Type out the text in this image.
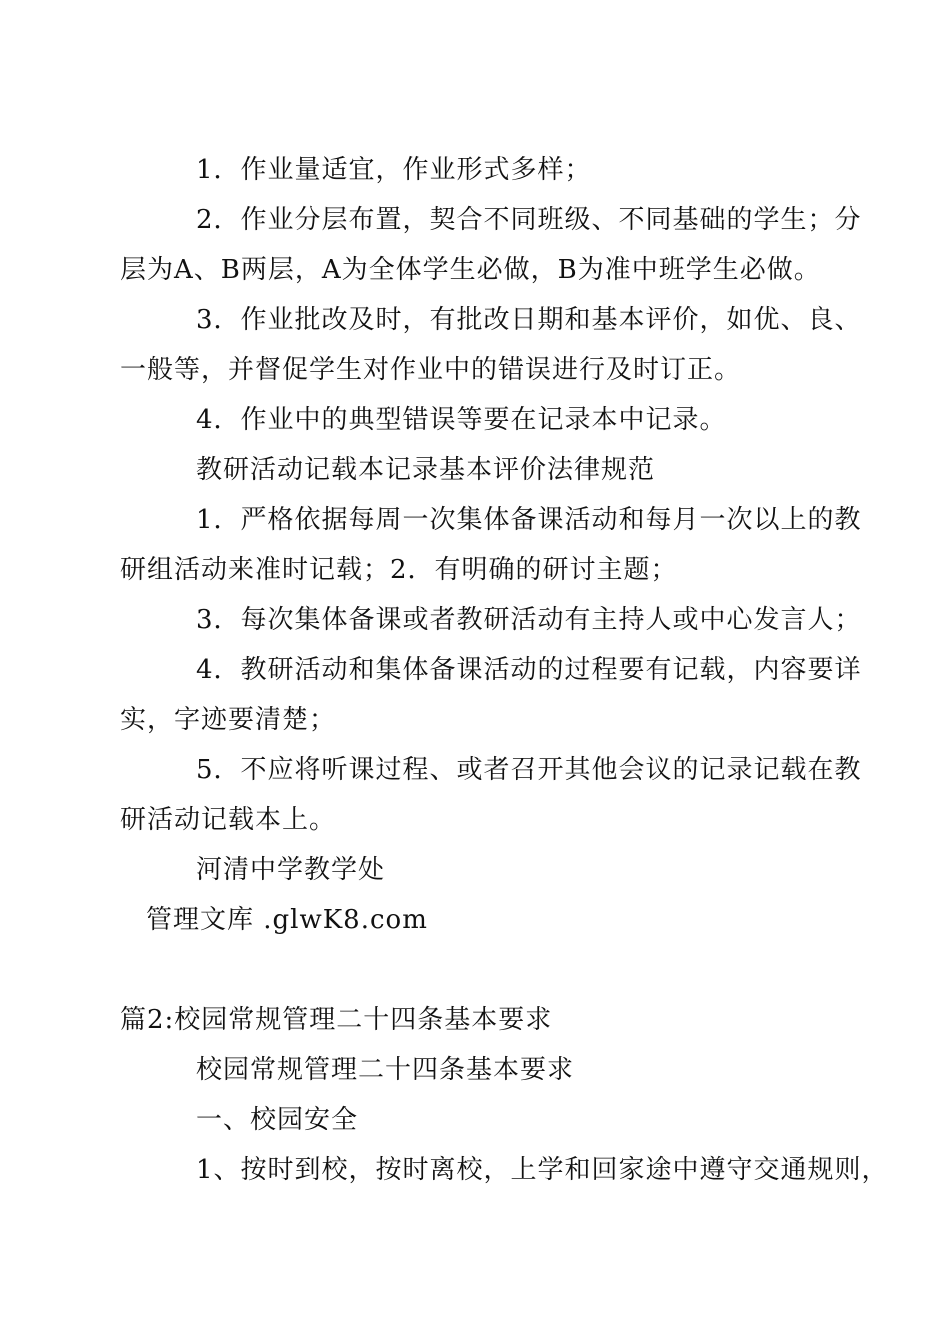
1．作业量适宜，作业形式多样；
2．作业分层布置，契合不同班级、不同基础的学生；分
层为A、B两层，A为全体学生必做，B为准中班学生必做。
3．作业批改及时，有批改日期和基本评价，如优、良、
一般等，并督促学生对作业中的错误进行及时订正。
4．作业中的典型错误等要在记录本中记录。
教研活动记载本记录基本评价法律规范
1．严格依据每周一次集体备课活动和每月一次以上的教
研组活动来准时记载；2．有明确的研讨主题；
3．每次集体备课或者教研活动有主持人或中心发言人；
4．教研活动和集体备课活动的过程要有记载，内容要详
实，字迹要清楚；
5．不应将听课过程、或者召开其他会议的记录记载在教
研活动记载本上。
河清中学教学处
管理文库 .glwK8.com
篇2:校园常规管理二十四条基本要求
校园常规管理二十四条基本要求
一、校园安全
1、按时到校，按时离校，上学和回家途中遵守交通规则，
